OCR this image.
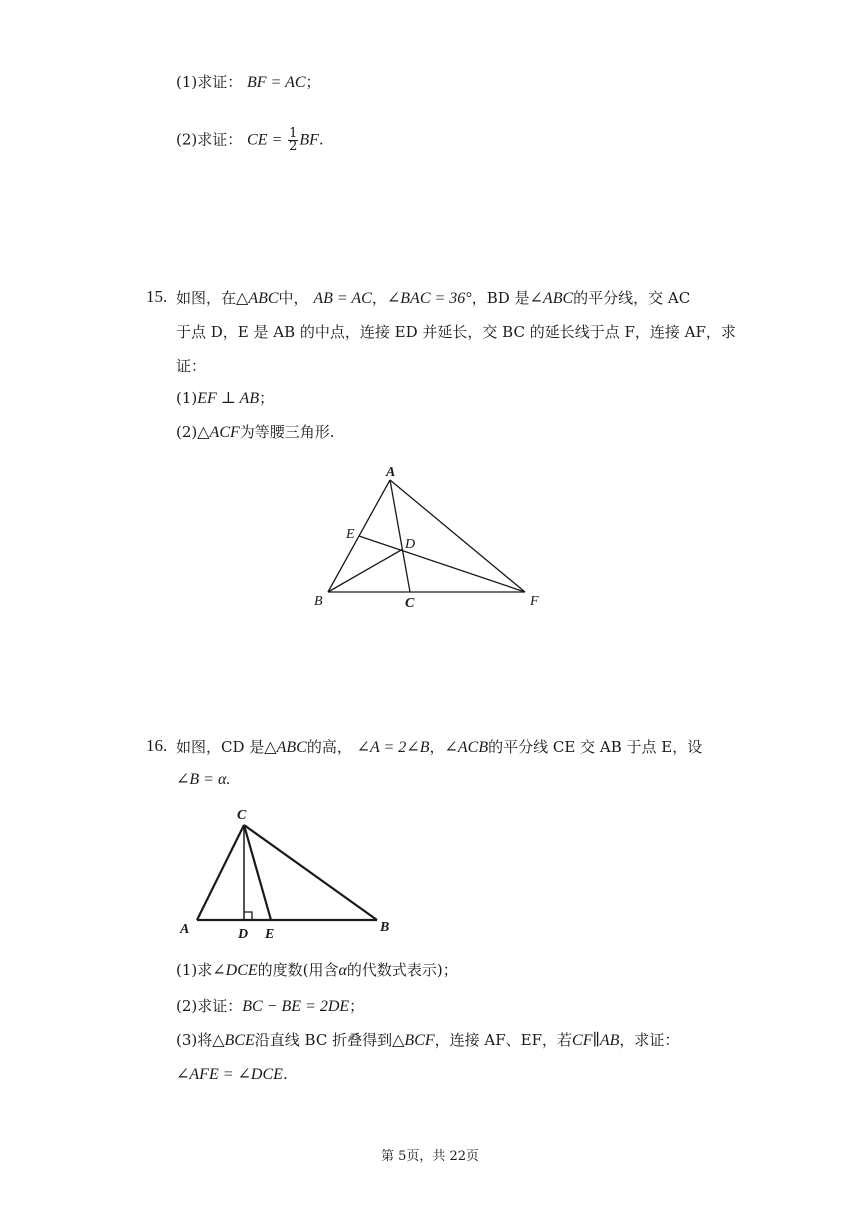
(1)求证： BF = AC；
(2)求证： CE = $\frac{1}{2}$ BF.
15. 如图，在△ABC中， AB = AC，∠BAC = 36°，BD 是∠ABC的平分线，交 AC
于点 D，E 是 AB 的中点，连接 ED 并延长，交 BC 的延长线于点 F，连接 AF，求
证：
(1)EF ⊥ AB；
(2)△ACF为等腰三角形.
A
B	C
D
E
F
16. 如图，CD 是△ABC的高， ∠A = 2∠B，∠ACB的平分线 CE 交 AB 于点 E，设
∠B = α.
C
A	D E	B
(1)求∠DCE的度数(用含α的代数式表示)；
(2)求证：BC − BE = 2DE；
(3)将△BCE沿直线 BC 折叠得到△BCF，连接 AF、EF，若CF∥AB，求证：
∠AFE = ∠DCE.
第 5页，共 22页
